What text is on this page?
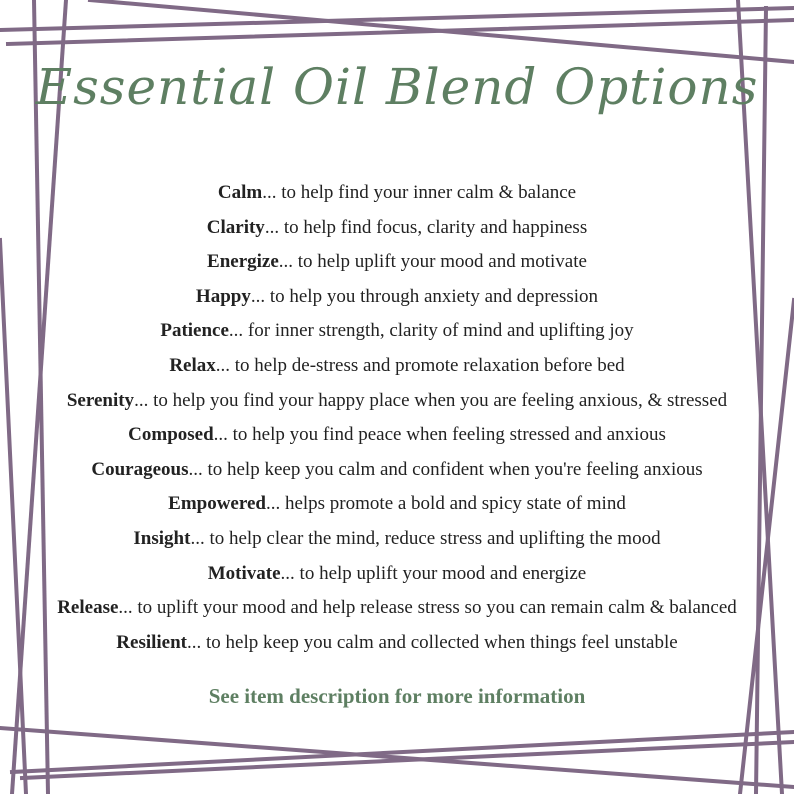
Essential Oil Blend Options
Calm... to help find your inner calm & balance
Clarity... to help find focus, clarity and happiness
Energize... to help uplift your mood and motivate
Happy... to help you through anxiety and depression
Patience... for inner strength, clarity of mind and uplifting joy
Relax... to help de-stress and promote relaxation before bed
Serenity... to help you find your happy place when you are feeling anxious, & stressed
Composed... to help you find peace when feeling stressed and anxious
Courageous... to help keep you calm and confident when you're feeling anxious
Empowered... helps promote a bold and spicy state of mind
Insight... to help clear the mind, reduce stress and uplifting the mood
Motivate... to help uplift your mood and energize
Release... to uplift your mood and help release stress so you can remain calm & balanced
Resilient... to help keep you calm and collected when things feel unstable

See item description for more information
